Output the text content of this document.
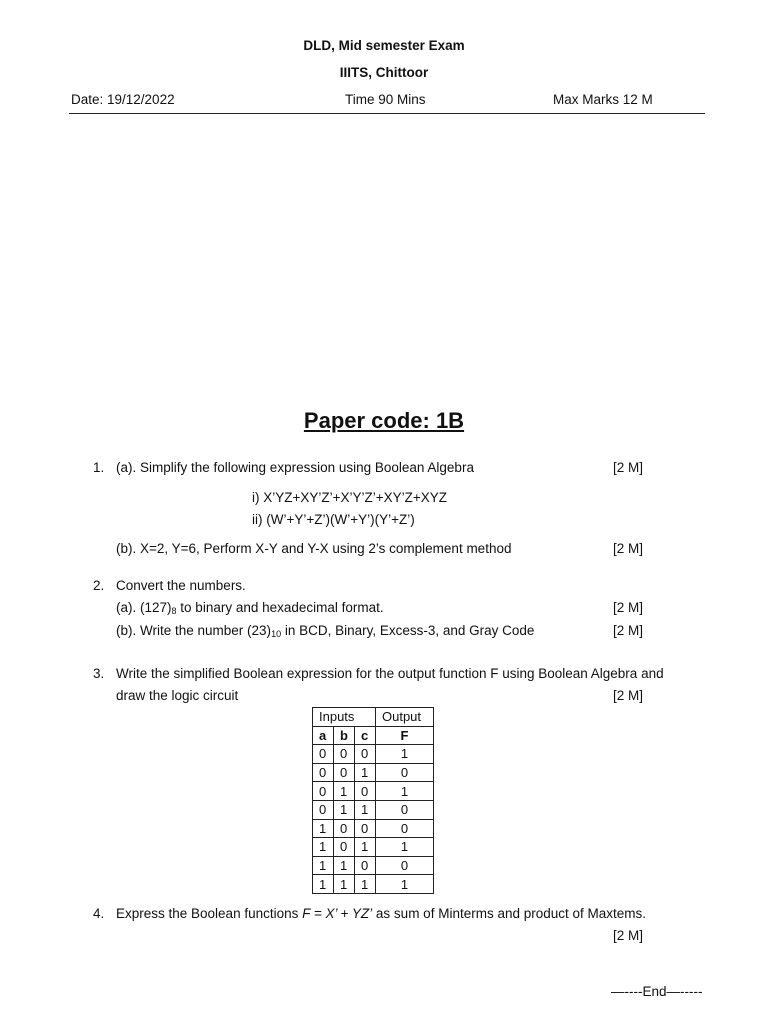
DLD, Mid semester Exam
IIITS, Chittoor
Date: 19/12/2022	Time 90 Mins	Max Marks 12 M
Paper code: 1B
1. (a). Simplify the following expression using Boolean Algebra	[2 M]
i) X’YZ+XY’Z’+X’Y’Z’+XY’Z+XYZ
ii) (W’+Y’+Z’)(W’+Y’)(Y’+Z’)
(b). X=2, Y=6, Perform X-Y and Y-X using 2’s complement method	[2 M]
2. Convert the numbers.
(a). $(127)_8$ to binary and hexadecimal format.	[2 M]
(b). Write the number $(23)_{10}$ in BCD, Binary, Excess-3, and Gray Code	[2 M]
3. Write the simplified Boolean expression for the output function F using Boolean Algebra and
draw the logic circuit	[2 M]
Inputs			Output
a	b	c	F
0	0	0	1
0	0	1	0
0	1	0	1
0	1	1	0
1	0	0	0
1	0	1	1
1	1	0	0
1	1	1	1
4. Express the Boolean functions F = X’ + YZ’ as sum of Minterms and product of Maxtems.
[2 M]
—----End—-----
